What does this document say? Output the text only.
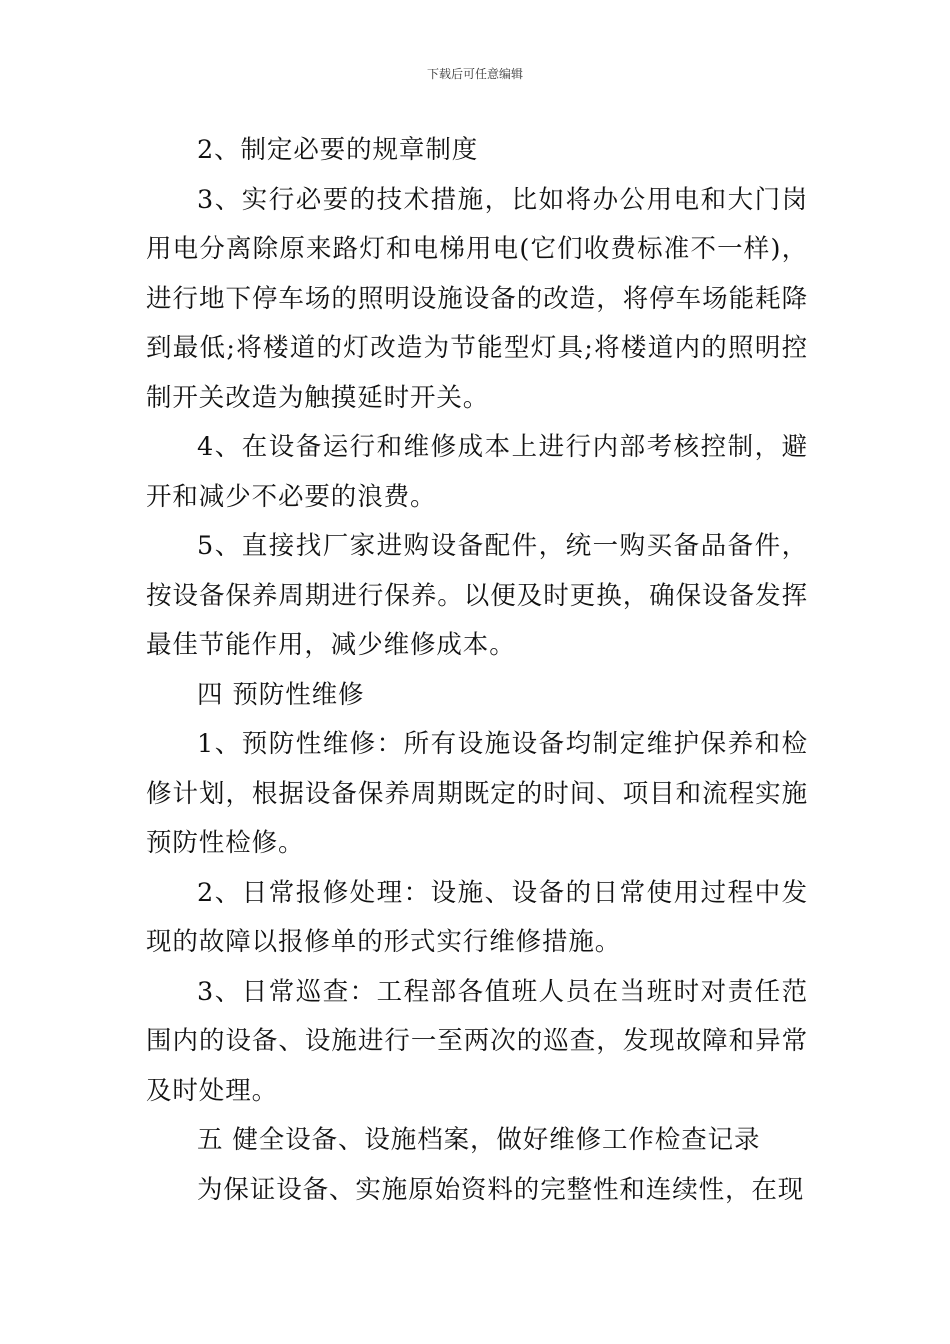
下载后可任意编辑

2、制定必要的规章制度

3、实行必要的技术措施，比如将办公用电和大门岗用电分离除原来路灯和电梯用电(它们收费标准不一样)，进行地下停车场的照明设施设备的改造，将停车场能耗降到最低;将楼道的灯改造为节能型灯具;将楼道内的照明控制开关改造为触摸延时开关。

4、在设备运行和维修成本上进行内部考核控制，避开和减少不必要的浪费。

5、直接找厂家进购设备配件，统一购买备品备件，按设备保养周期进行保养。以便及时更换，确保设备发挥最佳节能作用，减少维修成本。

四 预防性维修

1、预防性维修：所有设施设备均制定维护保养和检修计划，根据设备保养周期既定的时间、项目和流程实施预防性检修。

2、日常报修处理：设施、设备的日常使用过程中发现的故障以报修单的形式实行维修措施。

3、日常巡查：工程部各值班人员在当班时对责任范围内的设备、设施进行一至两次的巡查，发现故障和异常及时处理。

五 健全设备、设施档案，做好维修工作检查记录

为保证设备、实施原始资料的完整性和连续性，在现
